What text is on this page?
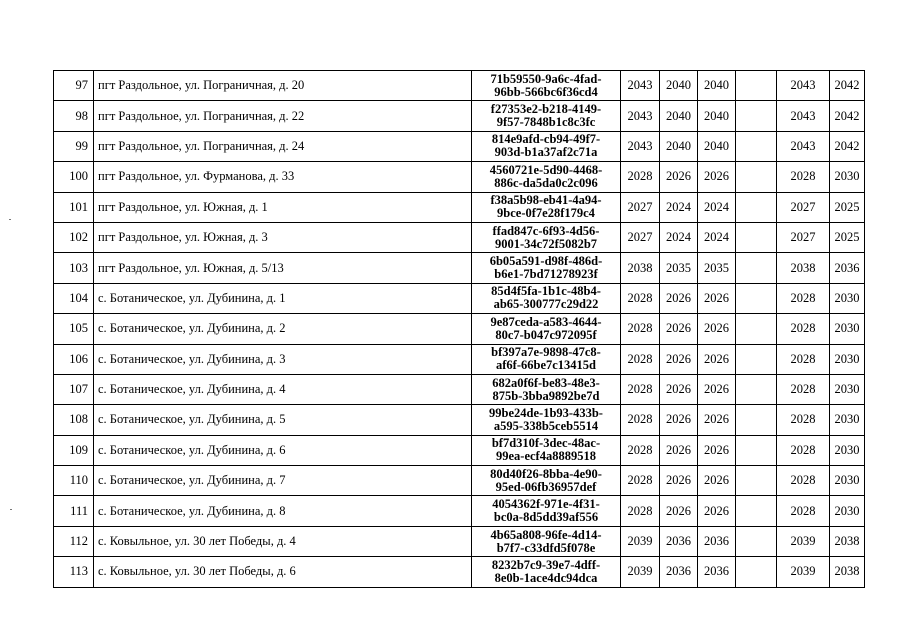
97	пгт Раздольное, ул. Пограничная, д. 20	71b59550-9a6c-4fad-
96bb-566bc6f36cd4	2043	2040	2040		2043	2042
98	пгт Раздольное, ул. Пограничная, д. 22	f27353e2-b218-4149-
9f57-7848b1c8c3fc	2043	2040	2040		2043	2042
99	пгт Раздольное, ул. Пограничная, д. 24	814e9afd-cb94-49f7-
903d-b1a37af2c71a	2043	2040	2040		2043	2042
100	пгт Раздольное, ул. Фурманова, д. 33	4560721e-5d90-4468-
886c-da5da0c2c096	2028	2026	2026		2028	2030
101	пгт Раздольное, ул. Южная, д. 1	f38a5b98-eb41-4a94-
9bce-0f7e28f179c4	2027	2024	2024		2027	2025
102	пгт Раздольное, ул. Южная, д. 3	ffad847c-6f93-4d56-
9001-34c72f5082b7	2027	2024	2024		2027	2025
103	пгт Раздольное, ул. Южная, д. 5/13	6b05a591-d98f-486d-
b6e1-7bd71278923f	2038	2035	2035		2038	2036
104	с. Ботаническое, ул. Дубинина, д. 1	85d4f5fa-1b1c-48b4-
ab65-300777c29d22	2028	2026	2026		2028	2030
105	с. Ботаническое, ул. Дубинина, д. 2	9e87ceda-a583-4644-
80c7-b047c972095f	2028	2026	2026		2028	2030
106	с. Ботаническое, ул. Дубинина, д. 3	bf397a7e-9898-47c8-
af6f-66be7c13415d	2028	2026	2026		2028	2030
107	с. Ботаническое, ул. Дубинина, д. 4	682a0f6f-be83-48e3-
875b-3bba9892be7d	2028	2026	2026		2028	2030
108	с. Ботаническое, ул. Дубинина, д. 5	99be24de-1b93-433b-
a595-338b5ceb5514	2028	2026	2026		2028	2030
109	с. Ботаническое, ул. Дубинина, д. 6	bf7d310f-3dec-48ac-
99ea-ecf4a8889518	2028	2026	2026		2028	2030
110	с. Ботаническое, ул. Дубинина, д. 7	80d40f26-8bba-4e90-
95ed-06fb36957def	2028	2026	2026		2028	2030
111	с. Ботаническое, ул. Дубинина, д. 8	4054362f-971e-4f31-
bc0a-8d5dd39af556	2028	2026	2026		2028	2030
112	с. Ковыльное, ул. 30 лет Победы, д. 4	4b65a808-96fe-4d14-
b7f7-c33dfd5f078e	2039	2036	2036		2039	2038
113	с. Ковыльное, ул. 30 лет Победы, д. 6	8232b7c9-39e7-4dff-
8e0b-1ace4dc94dca	2039	2036	2036		2039	2038
